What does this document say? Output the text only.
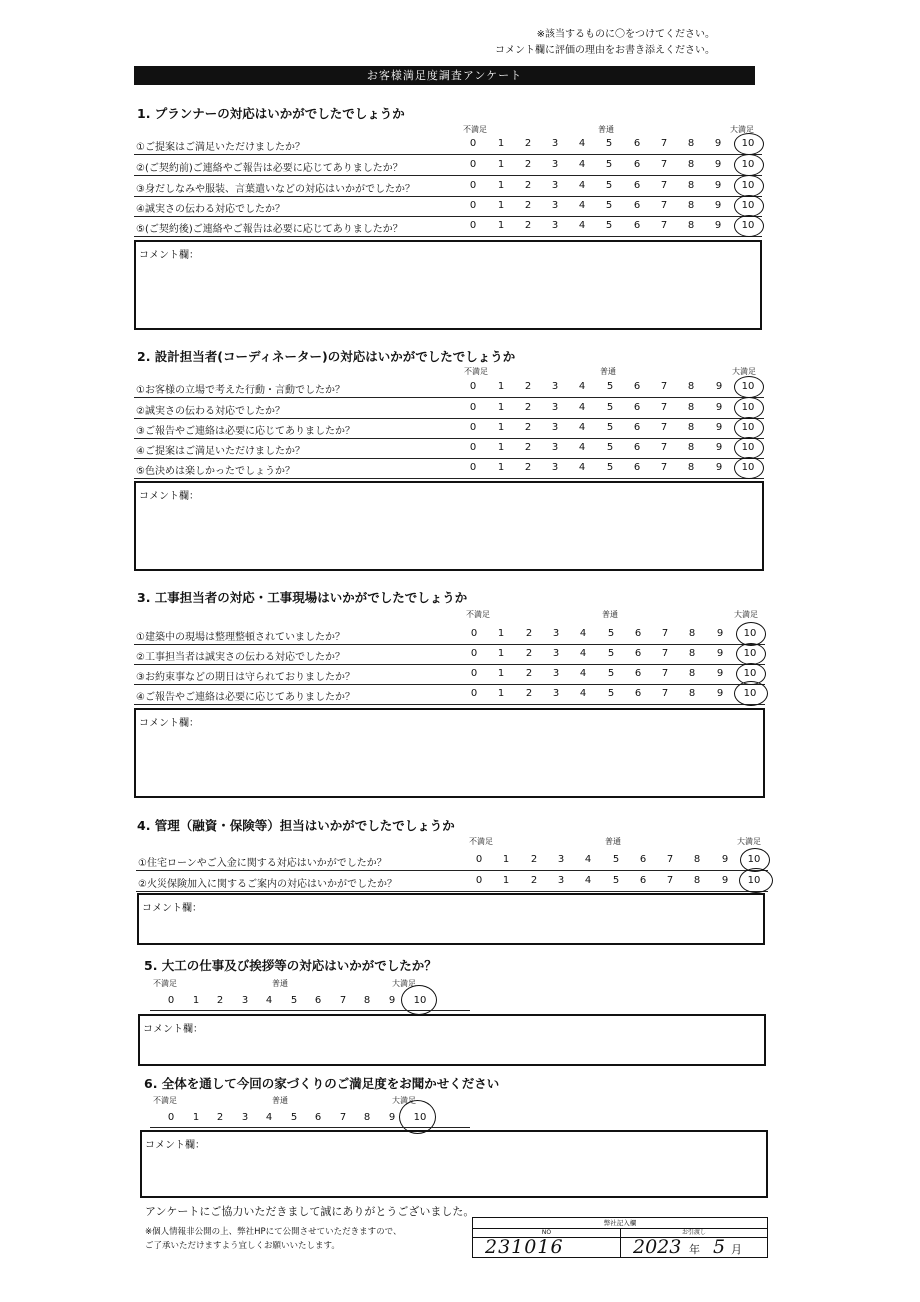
※該当するものに〇をつけてください。
コメント欄に評価の理由をお書き添えください。
お客様満足度調査アンケート
1. プランナーの対応はいかがでしたでしょうか
不満足	普通	大満足
①ご提案はご満足いただけましたか？	0	1	2	3	4	5	6	7	8	9	10
②(ご契約前)ご連絡やご報告は必要に応じてありましたか？	0	1	2	3	4	5	6	7	8	9	10
③身だしなみや服装、言葉遣いなどの対応はいかがでしたか？	0	1	2	3	4	5	6	7	8	9	10
④誠実さの伝わる対応でしたか？	0	1	2	3	4	5	6	7	8	9	10
⑤(ご契約後)ご連絡やご報告は必要に応じてありましたか？	0	1	2	3	4	5	6	7	8	9	10
コメント欄：
2. 設計担当者(コーディネーター)の対応はいかがでしたでしょうか
不満足	普通	大満足
①お客様の立場で考えた行動・言動でしたか？	0	1	2	3	4	5	6	7	8	9	10
②誠実さの伝わる対応でしたか？	0	1	2	3	4	5	6	7	8	9	10
③ご報告やご連絡は必要に応じてありましたか？	0	1	2	3	4	5	6	7	8	9	10
④ご提案はご満足いただけましたか？	0	1	2	3	4	5	6	7	8	9	10
⑤色決めは楽しかったでしょうか？	0	1	2	3	4	5	6	7	8	9	10
コメント欄：
3. 工事担当者の対応・工事現場はいかがでしたでしょうか
不満足	普通	大満足
①建築中の現場は整理整頓されていましたか？	0	1	2	3	4	5	6	7	8	9	10
②工事担当者は誠実さの伝わる対応でしたか？	0	1	2	3	4	5	6	7	8	9	10
③お約束事などの期日は守られておりましたか？	0	1	2	3	4	5	6	7	8	9	10
④ご報告やご連絡は必要に応じてありましたか？	0	1	2	3	4	5	6	7	8	9	10
コメント欄：
4. 管理（融資・保険等）担当はいかがでしたでしょうか
不満足	普通	大満足
①住宅ローンやご入金に関する対応はいかがでしたか？	0	1	2	3	4	5	6	7	8	9	10
②火災保険加入に関するご案内の対応はいかがでしたか？	0	1	2	3	4	5	6	7	8	9	10
コメント欄：
5. 大工の仕事及び挨拶等の対応はいかがでしたか？
不満足	普通	大満足
0	1	2	3	4	5	6	7	8	9	10
コメント欄：
6. 全体を通して今回の家づくりのご満足度をお聞かせください
不満足	普通	大満足
0	1	2	3	4	5	6	7	8	9	10
コメント欄：
アンケートにご協力いただきまして誠にありがとうございました。
※個人情報非公開の上、弊社HPにて公開させていただきますので、
ご了承いただけますよう宜しくお願いいたします。
弊社記入欄
NO	お引渡し
231016	2023 年 5 月
